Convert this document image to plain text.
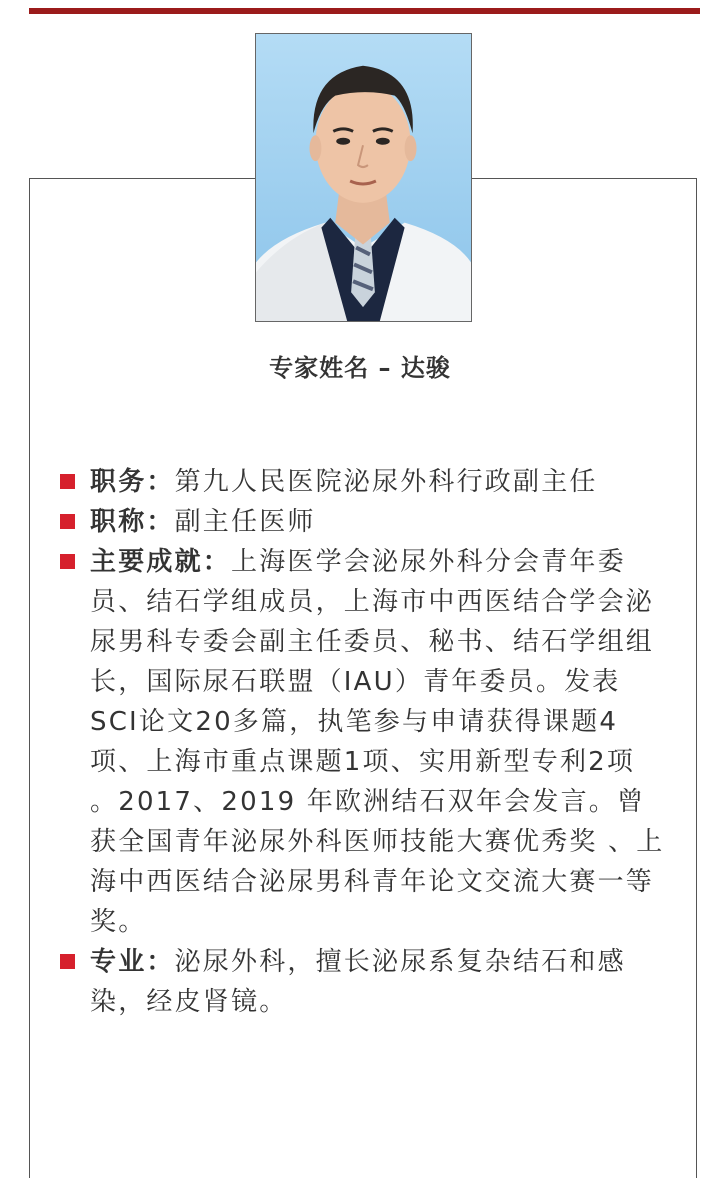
专家姓名 – 达骏
职务：第九人民医院泌尿外科行政副主任
职称：副主任医师
主要成就：上海医学会泌尿外科分会青年委员、结石学组成员，上海市中西医结合学会泌尿男科专委会副主任委员、秘书、结石学组组长，国际尿石联盟（IAU）青年委员。发表SCI论文20多篇，执笔参与申请获得课题4项、上海市重点课题1项、实用新型专利2项 。2017、2019 年欧洲结石双年会发言。曾获全国青年泌尿外科医师技能大赛优秀奖 、上海中西医结合泌尿男科青年论文交流大赛一等奖。
专业：泌尿外科，擅长泌尿系复杂结石和感染，经皮肾镜。
